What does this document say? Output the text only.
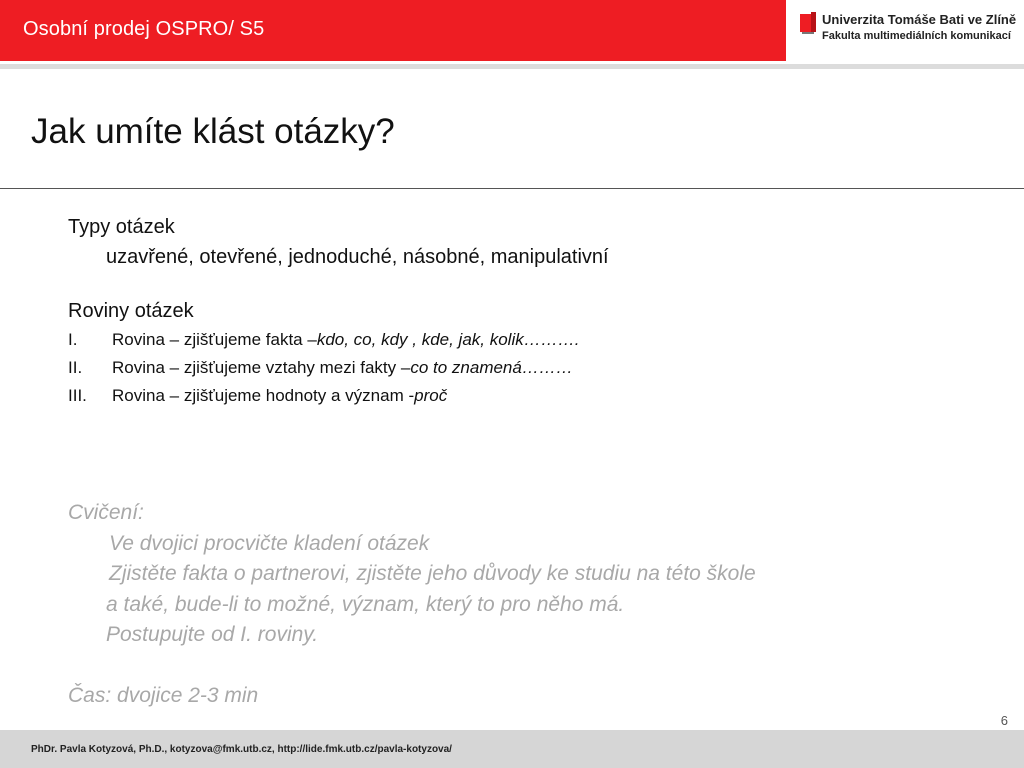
Osobní prodej OSPRO/ S5	Univerzita Tomáše Bati ve Zlíně
Fakulta multimediálních komunikací
Jak umíte klást otázky?
Typy otázek
uzavřené, otevřené, jednoduché, násobné, manipulativní
Roviny otázek
I.	Rovina – zjišťujeme fakta – kdo, co, kdy , kde, jak, kolik……….
II.	Rovina – zjišťujeme vztahy mezi fakty – co to znamená………
III.	Rovina – zjišťujeme hodnoty a význam - proč
Cvičení:
Ve dvojici procvičte kladení otázek
Zjistěte fakta o partnerovi, zjistěte jeho důvody ke studiu na této škole
a také, bude-li to možné, význam, který to pro něho má.
Postupujte od I. roviny.
Čas: dvojice 2-3 min
6
PhDr. Pavla Kotyzová, Ph.D., kotyzova@fmk.utb.cz, http://lide.fmk.utb.cz/pavla-kotyzova/
